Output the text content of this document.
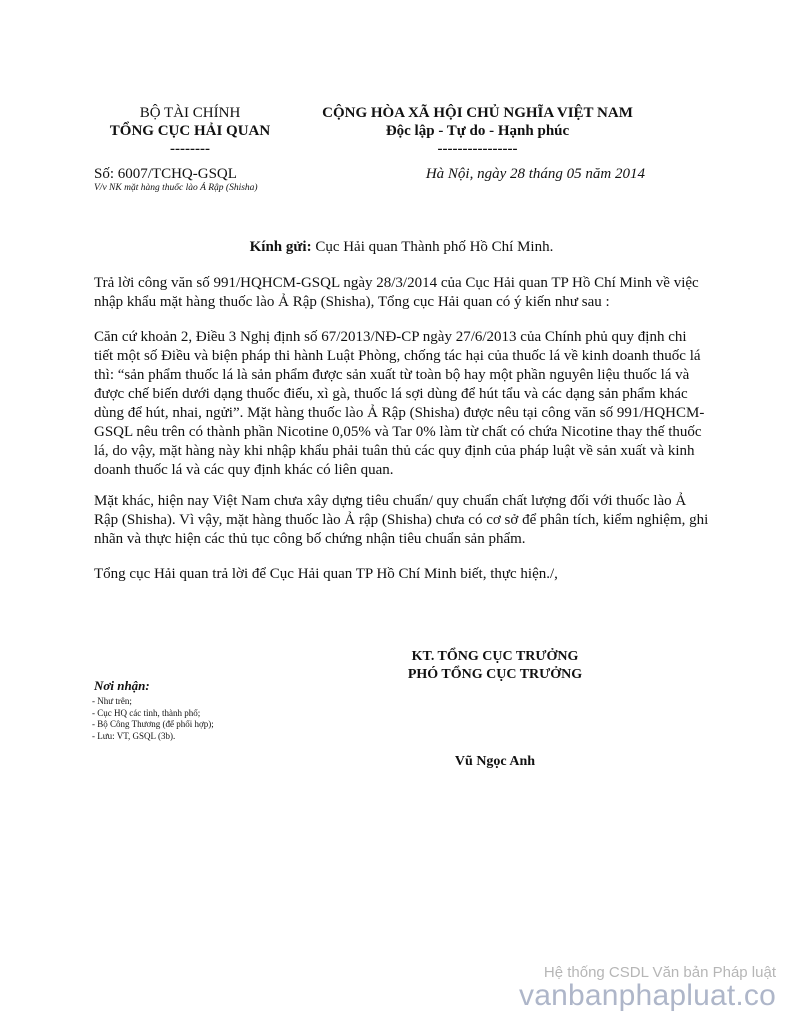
BỘ TÀI CHÍNH
TỔNG CỤC HẢI QUAN
--------
CỘNG HÒA XÃ HỘI CHỦ NGHĨA VIỆT NAM
Độc lập - Tự do - Hạnh phúc
----------------
Số: 6007/TCHQ-GSQL
V/v NK mặt hàng thuốc lào Ả Rập (Shisha)
Hà Nội, ngày 28 tháng 05 năm 2014
Kính gửi: Cục Hải quan Thành phố Hồ Chí Minh.

Trả lời công văn số 991/HQHCM-GSQL ngày 28/3/2014 của Cục Hải quan TP Hồ Chí Minh về việc nhập khẩu mặt hàng thuốc lào Ả Rập (Shisha), Tổng cục Hải quan có ý kiến như sau :

Căn cứ khoản 2, Điều 3 Nghị định số 67/2013/NĐ-CP ngày 27/6/2013 của Chính phủ quy định chi tiết một số Điều và biện pháp thi hành Luật Phòng, chống tác hại của thuốc lá về kinh doanh thuốc lá thì: “sản phẩm thuốc lá là sản phẩm được sản xuất từ toàn bộ hay một phần nguyên liệu thuốc lá và được chế biến dưới dạng thuốc điếu, xì gà, thuốc lá sợi dùng để hút tẩu và các dạng sản phẩm khác dùng để hút, nhai, ngửi”. Mặt hàng thuốc lào Ả Rập (Shisha) được nêu tại công văn số 991/HQHCM-GSQL nêu trên có thành phần Nicotine 0,05% và Tar 0% làm từ chất có chứa Nicotine thay thế thuốc lá, do vậy, mặt hàng này khi nhập khẩu phải tuân thủ các quy định của pháp luật về sản xuất và kinh doanh thuốc lá và các quy định khác có liên quan.

Mặt khác, hiện nay Việt Nam chưa xây dựng tiêu chuẩn/ quy chuẩn chất lượng đối với thuốc lào Ả Rập (Shisha). Vì vậy, mặt hàng thuốc lào Ả rập (Shisha) chưa có cơ sở để phân tích, kiểm nghiệm, ghi nhãn và thực hiện các thủ tục công bố chứng nhận tiêu chuẩn sản phẩm.

Tổng cục Hải quan trả lời để Cục Hải quan TP Hồ Chí Minh biết, thực hiện./,

KT. TỔNG CỤC TRƯỞNG
PHÓ TỔNG CỤC TRƯỞNG
Vũ Ngọc Anh
Nơi nhận:
- Như trên;
- Cục HQ các tỉnh, thành phố;
- Bộ Công Thương (để phối hợp);
- Lưu: VT, GSQL (3b).
Hệ thống CSDL Văn bản Pháp luật
vanbanphapluat.co
